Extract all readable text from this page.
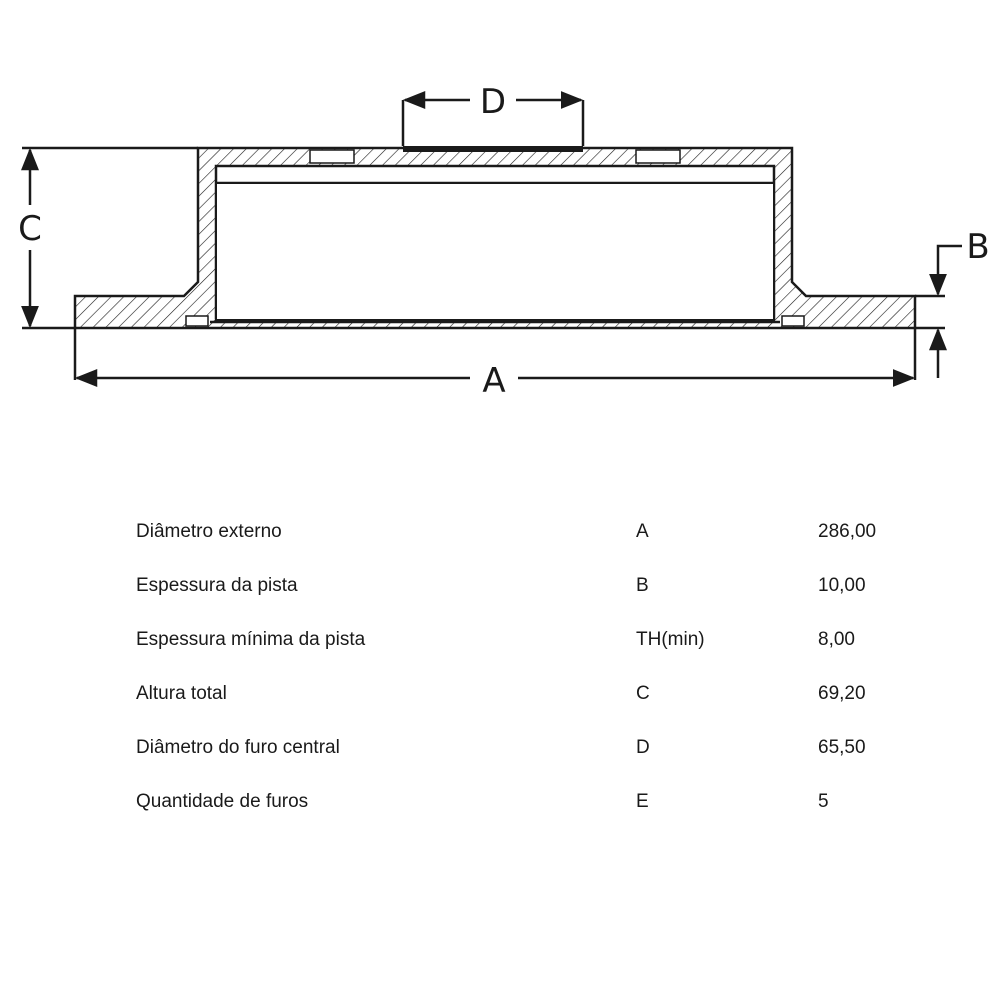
D
C	B
A
Diâmetro externo	A	286,00
Espessura da pista	B	10,00
Espessura mínima da pista	TH(min)	8,00
Altura total	C	69,20
Diâmetro do furo central	D	65,50
Quantidade de furos	E	5
